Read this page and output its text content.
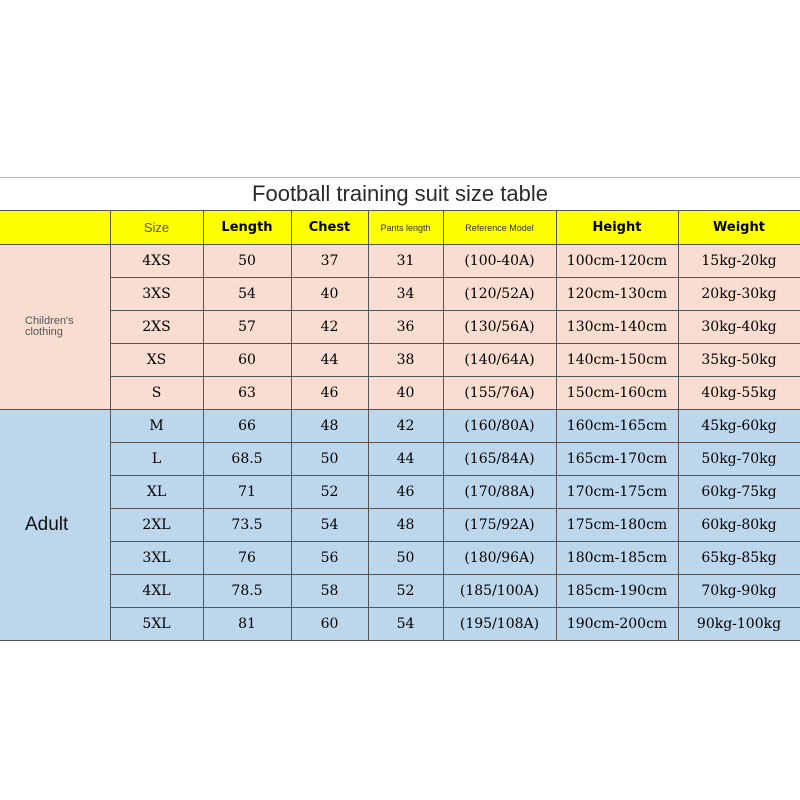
Football training suit size table
	Size	Length	Chest	Pants length	Reference Model	Height	Weight
Children's clothing	4XS	50	37	31	(100-40A)	100cm-120cm	15kg-20kg
	3XS	54	40	34	(120/52A)	120cm-130cm	20kg-30kg
	2XS	57	42	36	(130/56A)	130cm-140cm	30kg-40kg
	XS	60	44	38	(140/64A)	140cm-150cm	35kg-50kg
	S	63	46	40	(155/76A)	150cm-160cm	40kg-55kg
Adult	M	66	48	42	(160/80A)	160cm-165cm	45kg-60kg
	L	68.5	50	44	(165/84A)	165cm-170cm	50kg-70kg
	XL	71	52	46	(170/88A)	170cm-175cm	60kg-75kg
	2XL	73.5	54	48	(175/92A)	175cm-180cm	60kg-80kg
	3XL	76	56	50	(180/96A)	180cm-185cm	65kg-85kg
	4XL	78.5	58	52	(185/100A)	185cm-190cm	70kg-90kg
	5XL	81	60	54	(195/108A)	190cm-200cm	90kg-100kg
